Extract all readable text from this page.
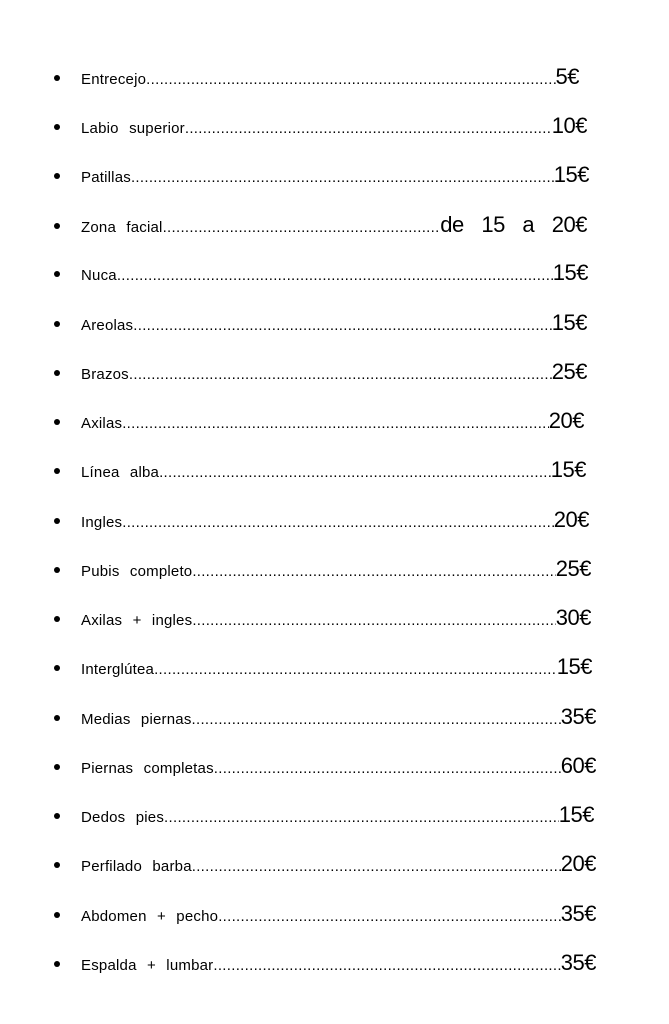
Entrecejo .....	5€
Labio superior .....	10€
Patillas .....	15€
Zona facial .....	de 15 a 20€
Nuca .....	15€
Areolas .....	15€
Brazos .....	25€
Axilas .....	20€
Línea alba .....	15€
Ingles .....	20€
Pubis completo. .....	25€
Axilas + ingles .....	30€
Interglútea .....	15€
Medias piernas .....	35€
Piernas completas .....	60€
Dedos pies .....	15€
Perfilado barba .....	20€
Abdomen + pecho .....	35€
Espalda + lumbar .....	35€
